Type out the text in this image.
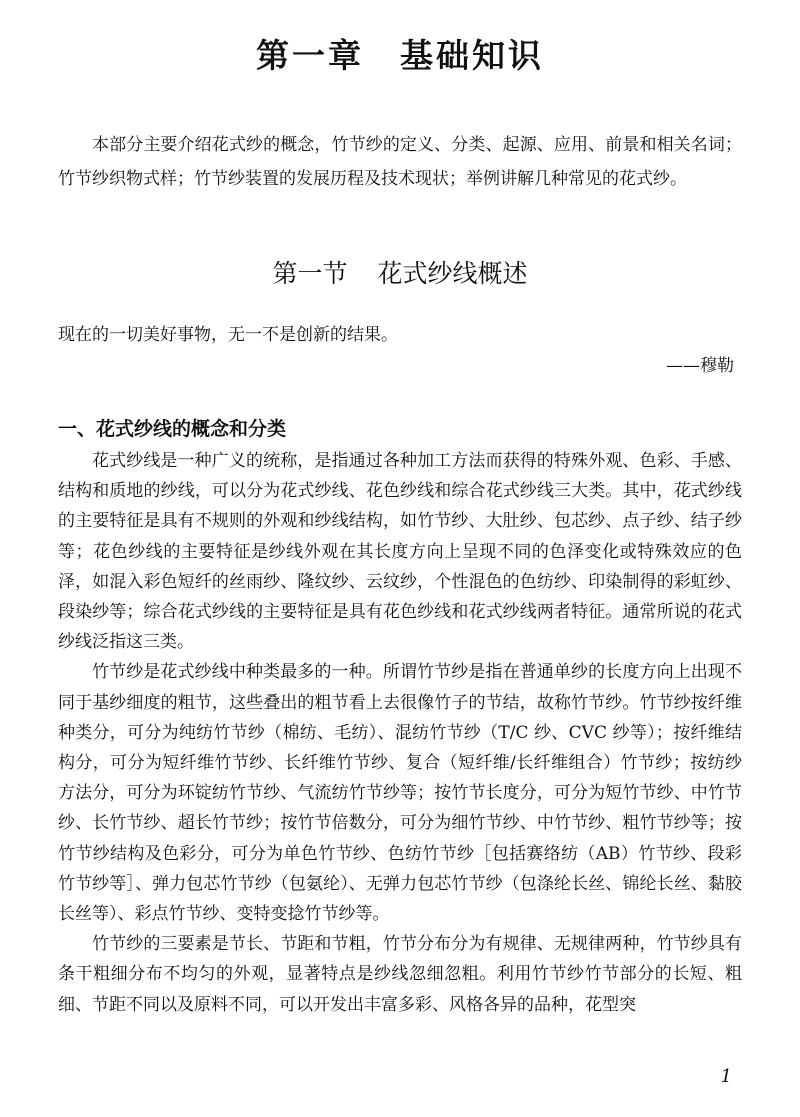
第一章 基础知识
本部分主要介绍花式纱的概念，竹节纱的定义、分类、起源、应用、前景和相关名词；竹节纱织物式样；竹节纱装置的发展历程及技术现状；举例讲解几种常见的花式纱。
第一节 花式纱线概述
现在的一切美好事物，无一不是创新的结果。
——穆勒
一、花式纱线的概念和分类

花式纱线是一种广义的统称，是指通过各种加工方法而获得的特殊外观、色彩、手感、结构和质地的纱线，可以分为花式纱线、花色纱线和综合花式纱线三大类。其中，花式纱线的主要特征是具有不规则的外观和纱线结构，如竹节纱、大肚纱、包芯纱、点子纱、结子纱等；花色纱线的主要特征是纱线外观在其长度方向上呈现不同的色泽变化或特殊效应的色泽，如混入彩色短纤的丝雨纱、隆纹纱、云纹纱，个性混色的色纺纱、印染制得的彩虹纱、段染纱等；综合花式纱线的主要特征是具有花色纱线和花式纱线两者特征。通常所说的花式纱线泛指这三类。

竹节纱是花式纱线中种类最多的一种。所谓竹节纱是指在普通单纱的长度方向上出现不同于基纱细度的粗节，这些叠出的粗节看上去很像竹子的节结，故称竹节纱。竹节纱按纤维种类分，可分为纯纺竹节纱（棉纺、毛纺）、混纺竹节纱（T/C 纱、CVC 纱等）；按纤维结构分，可分为短纤维竹节纱、长纤维竹节纱、复合（短纤维/长纤维组合）竹节纱；按纺纱方法分，可分为环锭纺竹节纱、气流纺竹节纱等；按竹节长度分，可分为短竹节纱、中竹节纱、长竹节纱、超长竹节纱；按竹节倍数分，可分为细竹节纱、中竹节纱、粗竹节纱等；按竹节纱结构及色彩分，可分为单色竹节纱、色纺竹节纱［包括赛络纺（AB）竹节纱、段彩竹节纱等］、弹力包芯竹节纱（包氨纶）、无弹力包芯竹节纱（包涤纶长丝、锦纶长丝、黏胶长丝等）、彩点竹节纱、变特变捻竹节纱等。

竹节纱的三要素是节长、节距和节粗，竹节分布分为有规律、无规律两种，竹节纱具有条干粗细分布不均匀的外观，显著特点是纱线忽细忽粗。利用竹节纱竹节部分的长短、粗细、节距不同以及原料不同，可以开发出丰富多彩、风格各异的品种，花型突

1
